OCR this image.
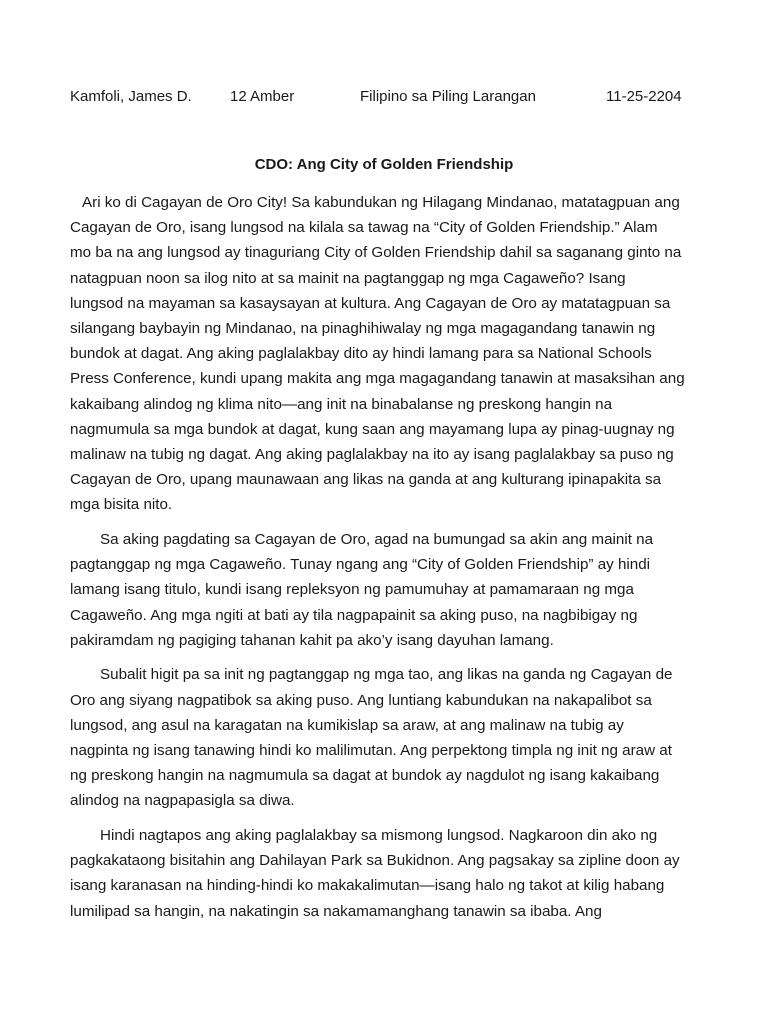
Kamfoli, James D.	12 Amber	Filipino sa Piling Larangan	11-25-2204
CDO: Ang City of Golden Friendship
Ari ko di Cagayan de Oro City! Sa kabundukan ng Hilagang Mindanao, matatagpuan ang
Cagayan de Oro, isang lungsod na kilala sa tawag na “City of Golden Friendship.” Alam
mo ba na ang lungsod ay tinaguriang City of Golden Friendship dahil sa saganang ginto na
natagpuan noon sa ilog nito at sa mainit na pagtanggap ng mga Cagaweño? Isang
lungsod na mayaman sa kasaysayan at kultura. Ang Cagayan de Oro ay matatagpuan sa
silangang baybayin ng Mindanao, na pinaghihiwalay ng mga magagandang tanawin ng
bundok at dagat. Ang aking paglalakbay dito ay hindi lamang para sa National Schools
Press Conference, kundi upang makita ang mga magagandang tanawin at masaksihan ang
kakaibang alindog ng klima nito—ang init na binabalanse ng preskong hangin na
nagmumula sa mga bundok at dagat, kung saan ang mayamang lupa ay pinag-uugnay ng
malinaw na tubig ng dagat. Ang aking paglalakbay na ito ay isang paglalakbay sa puso ng
Cagayan de Oro, upang maunawaan ang likas na ganda at ang kulturang ipinapakita sa
mga bisita nito.
Sa aking pagdating sa Cagayan de Oro, agad na bumungad sa akin ang mainit na
pagtanggap ng mga Cagaweño. Tunay ngang ang “City of Golden Friendship” ay hindi
lamang isang titulo, kundi isang repleksyon ng pamumuhay at pamamaraan ng mga
Cagaweño. Ang mga ngiti at bati ay tila nagpapainit sa aking puso, na nagbibigay ng
pakiramdam ng pagiging tahanan kahit pa ako’y isang dayuhan lamang.
Subalit higit pa sa init ng pagtanggap ng mga tao, ang likas na ganda ng Cagayan de
Oro ang siyang nagpatibok sa aking puso. Ang luntiang kabundukan na nakapalibot sa
lungsod, ang asul na karagatan na kumikislap sa araw, at ang malinaw na tubig ay
nagpinta ng isang tanawing hindi ko malilimutan. Ang perpektong timpla ng init ng araw at
ng preskong hangin na nagmumula sa dagat at bundok ay nagdulot ng isang kakaibang
alindog na nagpapasigla sa diwa.
Hindi nagtapos ang aking paglalakbay sa mismong lungsod. Nagkaroon din ako ng
pagkakataong bisitahin ang Dahilayan Park sa Bukidnon. Ang pagsakay sa zipline doon ay
isang karanasan na hinding-hindi ko makakalimutan—isang halo ng takot at kilig habang
lumilipad sa hangin, na nakatingin sa nakamamanghang tanawin sa ibaba. Ang
